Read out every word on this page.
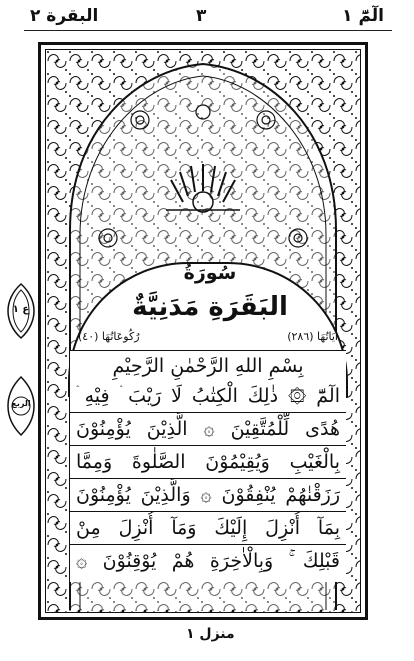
البقرة ٢	٣	الٓمّٓ ١
ع ١
الربع
سُورَةُ
البَقَرَةِ مَدَنِيَّةٌ
ايَاتُهَا (٢٨٦)
رُكُوعَاتُهَا (٤٠)
بِسْمِ اللهِ الرَّحْمٰنِ الرَّحِيْمِ
الٓمّٓ ۞ ذٰلِكَ الْكِتٰبُ لَا رَيْبَ ۛ فِيْهِ ۛ
هُدًى لِّلْمُتَّقِيْنَ ۞ الَّذِيْنَ يُؤْمِنُوْنَ
بِالْغَيْبِ وَيُقِيْمُوْنَ الصَّلٰوةَ وَمِمَّا
رَزَقْنٰهُمْ يُنْفِقُوْنَ ۞ وَالَّذِيْنَ يُؤْمِنُوْنَ
بِمَآ أُنْزِلَ إِلَيْكَ وَمَآ أُنْزِلَ مِنْ
قَبْلِكَ ۚ وَبِالْاٰخِرَةِ هُمْ يُوْقِنُوْنَ ۞
منزل ١
